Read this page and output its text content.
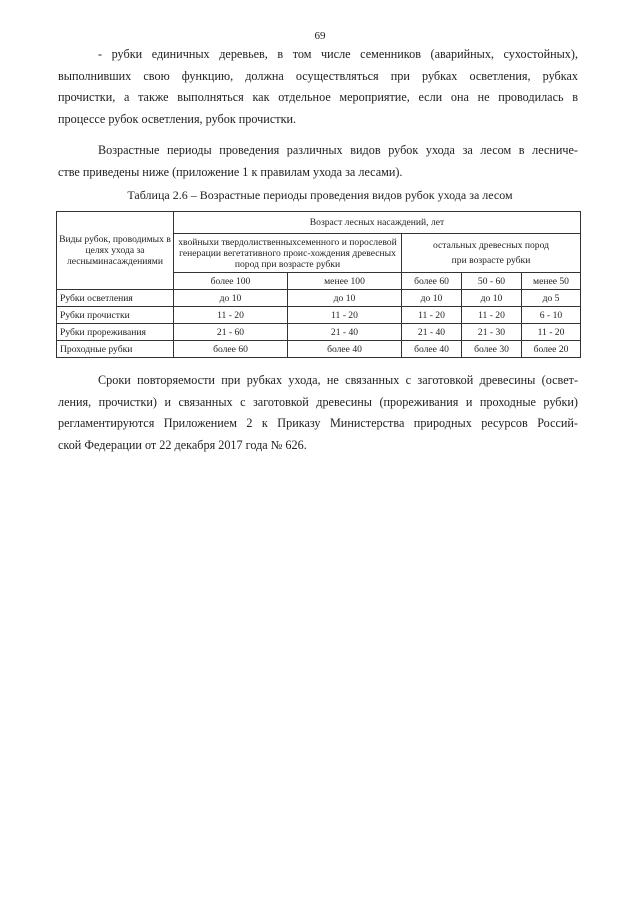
69

- рубки единичных деревьев, в том числе семенников (аварийных, сухостойных),
выполнивших свою функцию, должна осуществляться при рубках осветления, рубках
прочистки, а также выполняться как отдельное мероприятие, если она не проводилась в
процессе рубок осветления, рубок прочистки.

Возрастные периоды проведения различных видов рубок ухода за лесом в лесниче-
стве приведены ниже (приложение 1 к правилам ухода за лесами).

Таблица 2.6 – Возрастные периоды проведения видов рубок ухода за лесом
Виды рубок, проводимых в целях ухода за лесныминасаждениями	Возраст лесных насаждений, лет				

	хвойныхи твердолиственныхсеменного и порослевой генерации вегетативного проис-хождения древесных пород при возрасте рубки		остальных древесных пород
при возрасте рубки		

	более 100	менее 100	более 60	50 - 60	менее 50
Рубки осветления	до 10	до 10	до 10	до 10	до 5
Рубки прочистки	11 - 20	11 - 20	11 - 20	11 - 20	6 - 10
Рубки прореживания	21 - 60	21 - 40	21 - 40	21 - 30	11 - 20
Проходные рубки	более 60	более 40	более 40	более 30	более 20

Сроки повторяемости при рубках ухода, не связанных с заготовкой древесины (освет-
ления, прочистки) и связанных с заготовкой древесины (прореживания и проходные рубки)
регламентируются Приложением 2 к Приказу Министерства природных ресурсов Россий-
ской Федерации от 22 декабря 2017 года № 626.
